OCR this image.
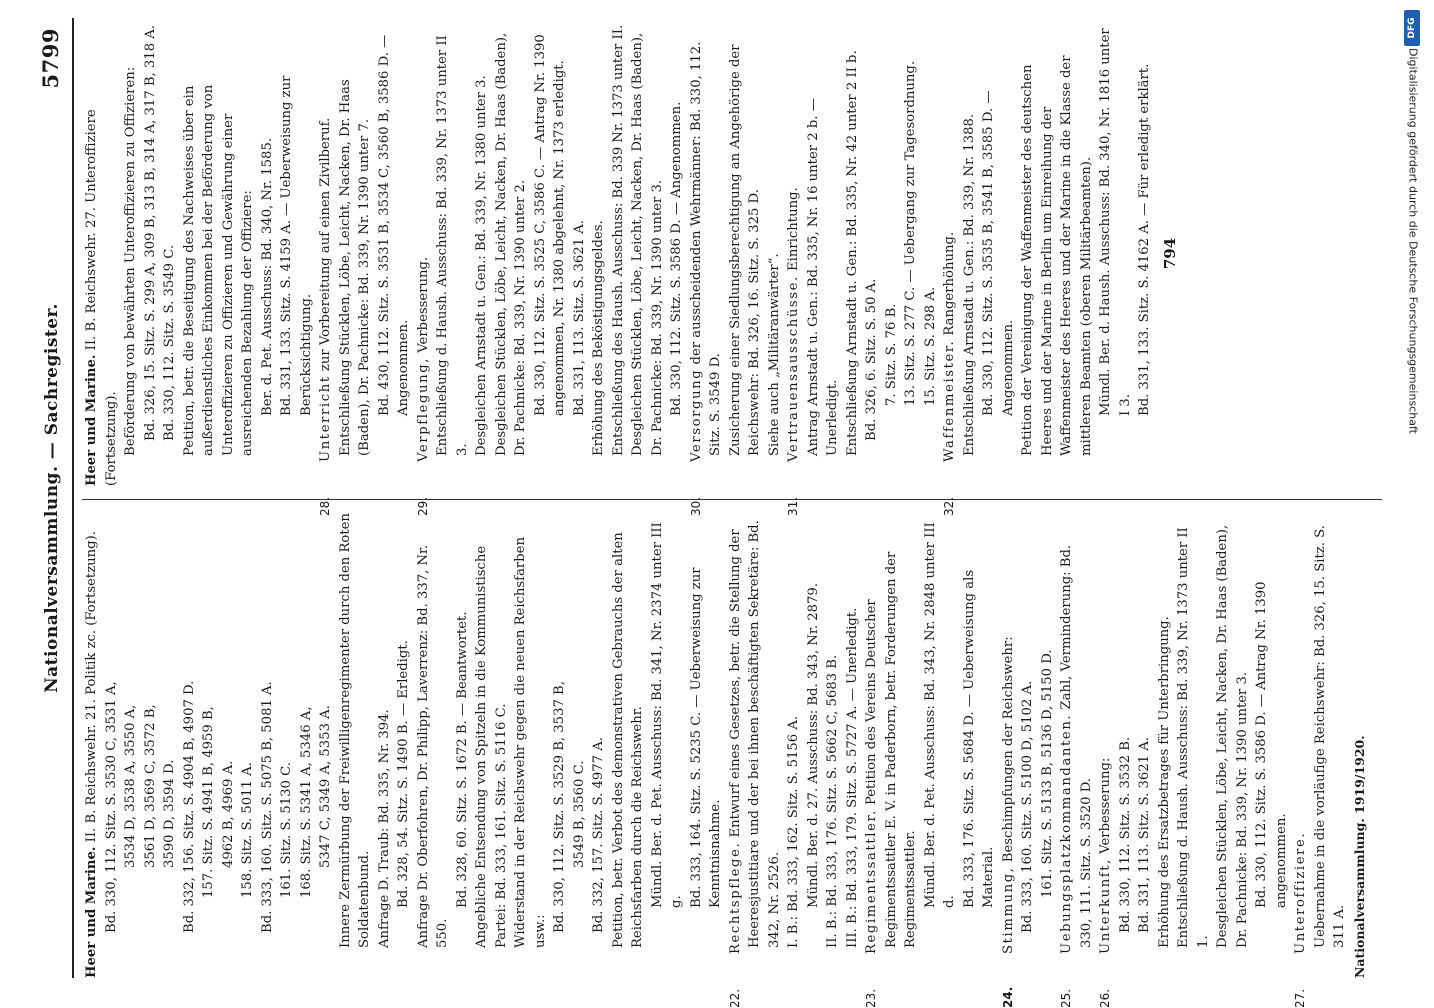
Nationalversammlung. — Sachregister.
5799
Heer und Marine. II. B. Reichswehr. 21. Politik zc. (Fortsetzung). Bd. 330, 112. Sitz. S. 3530 C, 3531 A, 3534 D, 3538 A, 3550 A, 3561 D, 3569 C, 3572 B, 3590 D, 3594 D. Bd. 332, 156. Sitz. S. 4904 B, 4907 D. 157. Sitz. S. 4941 B, 4959 B, 4962 B, 4969 A. 158. Sitz. S. 5011 A. Bd. 333, 160. Sitz. S. 5075 B, 5081 A. 161. Sitz. S. 5130 C. 168. Sitz. S. 5341 A, 5346 A, 5347 C, 5349 A, 5353 A. Innere Zermürbung der Freiwilligenregimenter durch den Roten Soldatenbund. Anfrage D. Traub: Bd. 335, Nr. 394. Bd. 328, 54. Sitz. S. 1490 B. — Erledigt. Anfrage Dr. Oberfohren, Dr. Philipp, Laverrenz: Bd. 337, Nr. 550.
Bd. 328, 60. Sitz. S. 1672 B. — Beantwortet. Angebliche Entsendung von Spitzeln in die Kommunistische Partei: Bd. 333, 161. Sitz. S. 5116 C. Widerstand in der Reichswehr gegen die neuen Reichsfarben usw.: Bd. 330, 112. Sitz. S. 3529 B, 3537 B, 3549 B, 3560 C. Bd. 332, 157. Sitz. S. 4977 A. Petition, betr. Verbot des demonstrativen Gebrauchs der alten Reichsfarben durch die Reichswehr. Mündl. Ber. d. Pet. Ausschuss: Bd. 341, Nr. 2374 unter III g. Bd. 333, 164. Sitz. S. 5235 C. — Ueberweisung zur Kenntnisnahme.
22.Rechtspflege. Entwurf eines Gesetzes, betr. die Stellung der Heeresjustitiare und der bei ihnen beschäftigten Sekretäre: Bd. 342, Nr. 2526. I. B.: Bd. 333, 162. Sitz. S. 5156 A. Mündl. Ber. d. 27. Ausschuss: Bd. 343, Nr. 2879. II. B.: Bd. 333, 176. Sitz. S. 5662 C, 5683 B. III. B.: Bd. 333, 179. Sitz. S. 5727 A. — Unerledigt.
23.Regimentssattler. Petition des Vereins Deutscher Regimentssattler E. V. in Paderborn, betr. Forderungen der Regimentssattler. Mündl. Ber. d. Pet. Ausschuss: Bd. 343, Nr. 2848 unter III d. Bd. 333, 176. Sitz. S. 5684 D. — Ueberweisung als Material.
24.Stimmung, Beschimpfungen der Reichswehr: Bd. 333, 160. Sitz. S. 5100 D, 5102 A. 161. Sitz. S. 5133 B, 5136 D, 5150 D.
25.Uebungsplatzkommandanten. Zahl, Verminderung: Bd. 330, 111. Sitz. S. 3520 D.
26.Unterkunft, Verbesserung: Bd. 330, 112. Sitz. S. 3532 B. Bd. 331, 113. Sitz. S. 3621 A. Erhöhung des Ersatzbetrages für Unterbringung. Entschließung d. Haush. Ausschuss: Bd. 339, Nr. 1373 unter II 1. Desgleichen Stücklen, Löbe, Leicht, Nacken, Dr. Haas (Baden), Dr. Pachnicke: Bd. 339, Nr. 1390 unter 3. Bd. 330, 112. Sitz. S. 3586 D. — Antrag Nr. 1390 angenommen.
27.Unteroffiziere. Uebernahme in die vorläufige Reichswehr: Bd. 326, 15. Sitz. S. 311 A. Nationalversammlung. 1919/1920.
Heer und Marine. II. B. Reichswehr. 27. Unteroffiziere (Fortsetzung). Beförderung von bewährten Unteroffizieren zu Offizieren: Bd. 326, 15. Sitz. S. 299 A, 309 B, 313 B, 314 A, 317 B, 318 A. Bd. 330, 112. Sitz. S. 3549 C. Petition, betr. die Beseitigung des Nachweises über ein außerdienstliches Einkommen bei der Beförderung von Unteroffizieren zu Offizieren und Gewährung einer ausreichenden Bezahlung der Offiziere: Ber. d. Pet. Ausschuss: Bd. 340, Nr. 1585. Bd. 331, 133. Sitz. S. 4159 A. — Ueberweisung zur Berücksichtigung.
28.Unterricht zur Vorbereitung auf einen Zivilberuf. Entschließung Stücklen, Löbe, Leicht, Nacken, Dr. Haas (Baden), Dr. Pachnicke: Bd. 339, Nr. 1390 unter 7. Bd. 430, 112. Sitz. S. 3531 B, 3534 C, 3560 B, 3586 D. — Angenommen.
29.Verpflegung, Verbesserung. Entschließung d. Haush. Ausschuss: Bd. 339, Nr. 1373 unter II 3. Desgleichen Arnstadt u. Gen.: Bd. 339, Nr. 1380 unter 3. Desgleichen Stücklen, Löbe, Leicht, Nacken, Dr. Haas (Baden), Dr. Pachnicke: Bd. 339, Nr. 1390 unter 2. Bd. 330, 112. Sitz. S. 3525 C, 3586 C. — Antrag Nr. 1390 angenommen, Nr. 1380 abgelehnt, Nr. 1373 erledigt. Bd. 331, 113. Sitz. S. 3621 A. Erhöhung des Beköstigungsgeldes. Entschließung des Haush. Ausschuss: Bd. 339 Nr. 1373 unter II. Desgleichen Stücklen, Löbe, Leicht, Nacken, Dr. Haas (Baden), Dr. Pachnicke: Bd. 339, Nr. 1390 unter 3. Bd. 330, 112. Sitz. S. 3586 D. — Angenommen.
30.Versorgung der ausscheidenden Wehrmänner: Bd. 330, 112. Sitz. S. 3549 D. Zusicherung einer Siedlungsberechtigung an Angehörige der Reichswehr: Bd. 326, 16. Sitz. S. 325 D. Siehe auch „Militäranwärter“.
31.Vertrauensausschüsse. Einrichtung. Antrag Arnstadt u. Gen.: Bd. 335, Nr. 16 unter 2 b. — Unerledigt. Entschließung Arnstadt u. Gen.: Bd. 335, Nr. 42 unter 2 II b. Bd. 326, 6. Sitz. S. 50 A. 7. Sitz. S. 76 B. 13. Sitz. S. 277 C. — Uebergang zur Tagesordnung. 15. Sitz. S. 298 A.
32.Waffenmeister. Rangerhöhung. Entschließung Arnstadt u. Gen.: Bd. 339, Nr. 1388. Bd. 330, 112. Sitz. S. 3535 B, 3541 B, 3585 D. — Angenommen. Petition der Vereinigung der Waffenmeister des deutschen Heeres und der Marine in Berlin um Einreihung der Waffenmeister des Heeres und der Marine in die Klasse der mittleren Beamten (oberen Militärbeamten). Mündl. Ber. d. Haush. Ausschuss: Bd. 340, Nr. 1816 unter I 3. Bd. 331, 133. Sitz. S. 4162 A. — Für erledigt erklärt. 794
DFG
Digitalisierung gefördert durch die Deutsche Forschungsgemeinschaft
